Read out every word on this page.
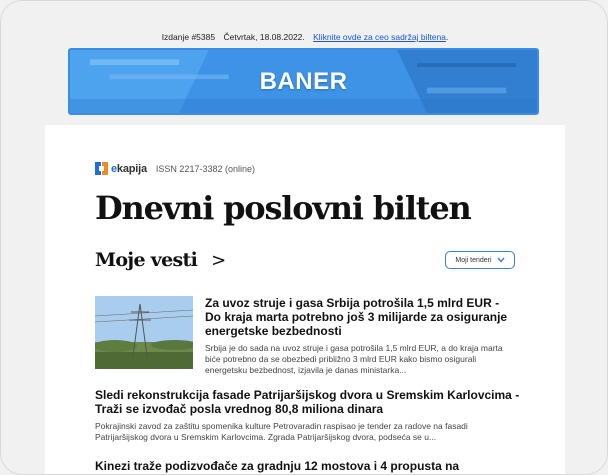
Izdanje #5385 Četvrtak, 18.08.2022. Kliknite ovde za ceo sadržaj biltena.
BANER
ekapija ISSN 2217-3382 (online)
Dnevni poslovni bilten
Moje vesti >	Moji tenderi
Za uvoz struje i gasa Srbija potrošila 1,5 mlrd EUR - Do kraja marta potrebno još 3 milijarde za osiguranje energetske bezbednosti
Srbija je do sada na uvoz struje i gasa potrošila 1,5 mlrd EUR, a do kraja marta biće potrebno da se obezbedi približno 3 mlrd EUR kako bismo osigurali energetsku bezbednost, izjavila je danas ministarka...
Sledi rekonstrukcija fasade Patrijaršijskog dvora u Sremskim Karlovcima - Traži se izvođač posla vrednog 80,8 miliona dinara
Pokrajinski zavod za zaštitu spomenika kulture Petrovaradin raspisao je tender za radove na fasadi Patrijaršijskog dvora u Sremskim Karlovcima. Zgrada Patrijaršijskog dvora, podseća se u...
Kinezi traže podizvođače za gradnju 12 mostova i 4 propusta na
